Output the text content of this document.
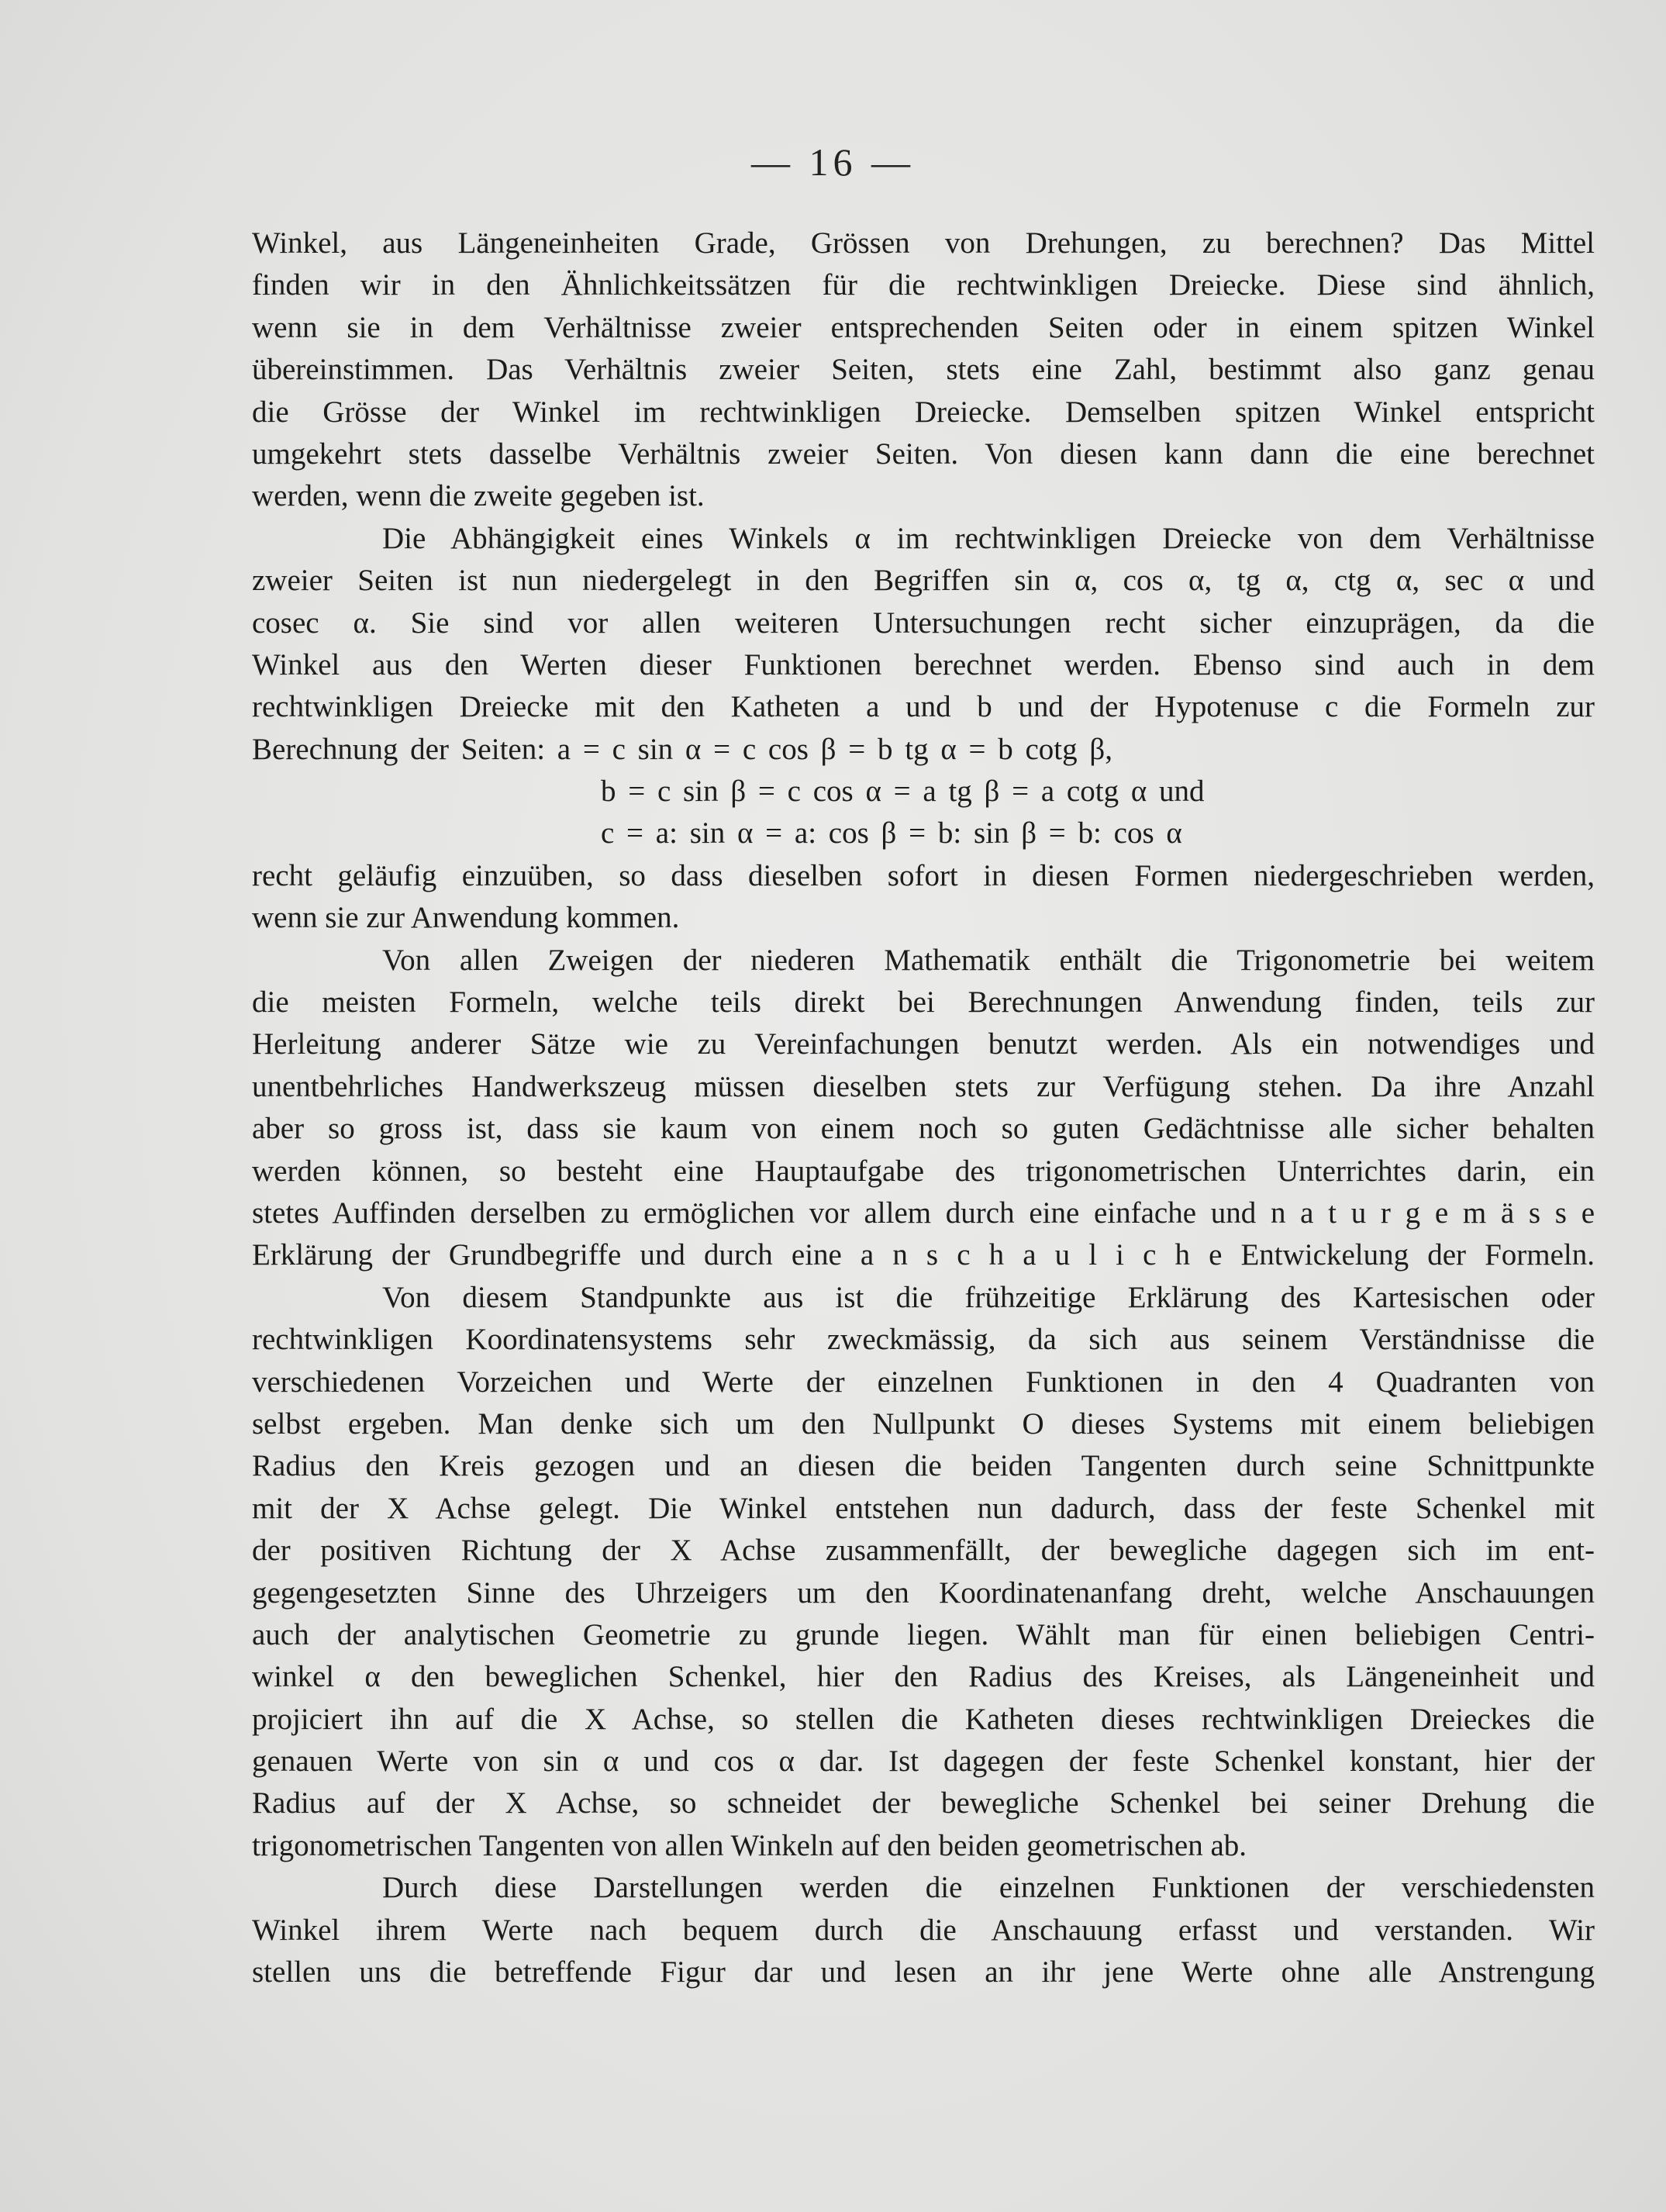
— 16 —
Winkel, aus Längeneinheiten Grade, Grössen von Drehungen, zu berechnen? Das Mittel
finden wir in den Ähnlichkeitssätzen für die rechtwinkligen Dreiecke. Diese sind ähnlich,
wenn sie in dem Verhältnisse zweier entsprechenden Seiten oder in einem spitzen Winkel
übereinstimmen. Das Verhältnis zweier Seiten, stets eine Zahl, bestimmt also ganz genau
die Grösse der Winkel im rechtwinkligen Dreiecke. Demselben spitzen Winkel entspricht
umgekehrt stets dasselbe Verhältnis zweier Seiten. Von diesen kann dann die eine berechnet
werden, wenn die zweite gegeben ist.
Die Abhängigkeit eines Winkels α im rechtwinkligen Dreiecke von dem Verhältnisse
zweier Seiten ist nun niedergelegt in den Begriffen sin α, cos α, tg α, ctg α, sec α und
cosec α. Sie sind vor allen weiteren Untersuchungen recht sicher einzuprägen, da die
Winkel aus den Werten dieser Funktionen berechnet werden. Ebenso sind auch in dem
rechtwinkligen Dreiecke mit den Katheten a und b und der Hypotenuse c die Formeln zur
Berechnung der Seiten: a = c sin α = c cos β = b tg α = b cotg β,
b = c sin β = c cos α = a tg β = a cotg α und
c = a: sin α = a: cos β = b: sin β = b: cos α
recht geläufig einzuüben, so dass dieselben sofort in diesen Formen niedergeschrieben werden,
wenn sie zur Anwendung kommen.
Von allen Zweigen der niederen Mathematik enthält die Trigonometrie bei weitem
die meisten Formeln, welche teils direkt bei Berechnungen Anwendung finden, teils zur
Herleitung anderer Sätze wie zu Vereinfachungen benutzt werden. Als ein notwendiges und
unentbehrliches Handwerkszeug müssen dieselben stets zur Verfügung stehen. Da ihre Anzahl
aber so gross ist, dass sie kaum von einem noch so guten Gedächtnisse alle sicher behalten
werden können, so besteht eine Hauptaufgabe des trigonometrischen Unterrichtes darin, ein
stetes Auffinden derselben zu ermöglichen vor allem durch eine einfache und n a t u r g e m ä s s e
Erklärung der Grundbegriffe und durch eine a n s c h a u l i c h e Entwickelung der Formeln.
Von diesem Standpunkte aus ist die frühzeitige Erklärung des Kartesischen oder
rechtwinkligen Koordinatensystems sehr zweckmässig, da sich aus seinem Verständnisse die
verschiedenen Vorzeichen und Werte der einzelnen Funktionen in den 4 Quadranten von
selbst ergeben. Man denke sich um den Nullpunkt O dieses Systems mit einem beliebigen
Radius den Kreis gezogen und an diesen die beiden Tangenten durch seine Schnittpunkte
mit der X Achse gelegt. Die Winkel entstehen nun dadurch, dass der feste Schenkel mit
der positiven Richtung der X Achse zusammenfällt, der bewegliche dagegen sich im ent-
gegengesetzten Sinne des Uhrzeigers um den Koordinatenanfang dreht, welche Anschauungen
auch der analytischen Geometrie zu grunde liegen. Wählt man für einen beliebigen Centri-
winkel α den beweglichen Schenkel, hier den Radius des Kreises, als Längeneinheit und
projiciert ihn auf die X Achse, so stellen die Katheten dieses rechtwinkligen Dreieckes die
genauen Werte von sin α und cos α dar. Ist dagegen der feste Schenkel konstant, hier der
Radius auf der X Achse, so schneidet der bewegliche Schenkel bei seiner Drehung die
trigonometrischen Tangenten von allen Winkeln auf den beiden geometrischen ab.
Durch diese Darstellungen werden die einzelnen Funktionen der verschiedensten
Winkel ihrem Werte nach bequem durch die Anschauung erfasst und verstanden. Wir
stellen uns die betreffende Figur dar und lesen an ihr jene Werte ohne alle Anstrengung
